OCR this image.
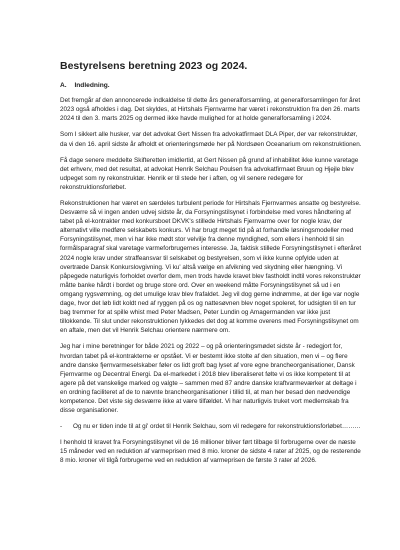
Bestyrelsens beretning 2023 og 2024.
A. Indledning.

Det fremgår af den annoncerede indkaldelse til dette års generalforsamling, at generalforsamlingen for året 2023 også afholdes i dag. Det skyldes, at Hirtshals Fjernvarme har været i rekonstruktion fra den 26. marts 2024 til den 3. marts 2025 og dermed ikke havde mulighed for at holde generalforsamling i 2024.

Som I sikkert alle husker, var det advokat Gert Nissen fra advokatfirmaet DLA Piper, der var rekonstruktør, da vi den 16. april sidste år afholdt et orienteringsmøde her på Nordsøen Oceanarium om rekonstruktionen.

Få dage senere meddelte Skifteretten imidlertid, at Gert Nissen på grund af inhabilitet ikke kunne varetage det erhverv, med det resultat, at advokat Henrik Selchau Poulsen fra advokatfirmaet Bruun og Hjejle blev udpeget som ny rekonstruktør. Henrik er til stede her i aften, og vil senere redegøre for rekonstruktionsforløbet.

Rekonstruktionen har været en særdeles turbulent periode for Hirtshals Fjernvarmes ansatte og bestyrelse. Desværre så vi ingen anden udvej sidste år, da Forsyningstilsynet i forbindelse med vores håndtering af tabet på el-kontrakter med konkursboet DKVK's stillede Hirtshals Fjernvarme over for nogle krav, der alternativt ville medføre selskabets konkurs. Vi har brugt meget tid på at forhandle løsningsmodeller med Forsyningstilsynet, men vi har ikke mødt stor velvilje fra denne myndighed, som ellers i henhold til sin formålsparagraf skal varetage varmeforbrugernes interesse. Ja, faktisk stillede Forsyningstilsynet i efteråret 2024 nogle krav under straffeansvar til selskabet og bestyrelsen, som vi ikke kunne opfylde uden at overtræde Dansk Konkurslovgivning. Vi ku' altså vælge en afvikning ved skydning eller hængning. Vi påpegede naturligvis forholdet overfor dem, men trods havde kravet blev fastholdt indtil vores rekonstruktør måtte banke hårdt i bordet og bruge store ord. Over en weekend måtte Forsyningstilsynet så ud i en omgang rygsvømning, og det umulige krav blev frafaldet. Jeg vil dog gerne indrømme, at der lige var nogle dage, hvor det løb lidt koldt ned af ryggen på os og nattesøvnen blev noget spoleret, for udsigten til en tur bag tremmer for at spille whist med Peter Madsen, Peter Lundin og Amagermanden var ikke just tillokkende. Til slut under rekonstruktionen lykkedes det dog at komme overens med Forsyningstilsynet om en aftale, men det vil Henrik Selchau orientere nærmere om.

Jeg har i mine beretninger for både 2021 og 2022 – og på orienteringsmødet sidste år - redegjort for, hvordan tabet på el-kontrakterne er opstået. Vi er bestemt ikke stolte af den situation, men vi – og flere andre danske fjernvarmeselskaber føler os lidt groft bag lyset af vore egne brancheorganisationer, Dansk Fjernvarme og Decentral Energi. Da el-markedet i 2018 blev liberaliseret følte vi os ikke kompetent til at agere på det vanskelige marked og valgte – sammen med 87 andre danske kraftvarmeværker at deltage i en ordning faciliteret af de to nævnte brancheorganisationer i tillid til, at man her besad den nødvendige kompetence. Det viste sig desværre ikke at være tilfældet. Vi har naturligvis truket vort medlemskab fra disse organisationer.

- Og nu er tiden inde til at gi' ordet til Henrik Selchau, som vil redegøre for rekonstruktionsforløbet………

I henhold til kravet fra Forsyningstilsynet vil de 16 millioner bliver ført tilbage til forbrugerne over de næste 15 måneder ved en reduktion af varmeprisen med 8 mio. kroner de sidste 4 rater af 2025, og de resterende 8 mio. kroner vil tilgå forbrugerne ved en reduktion af varmeprisen de første 3 rater af 2026.
